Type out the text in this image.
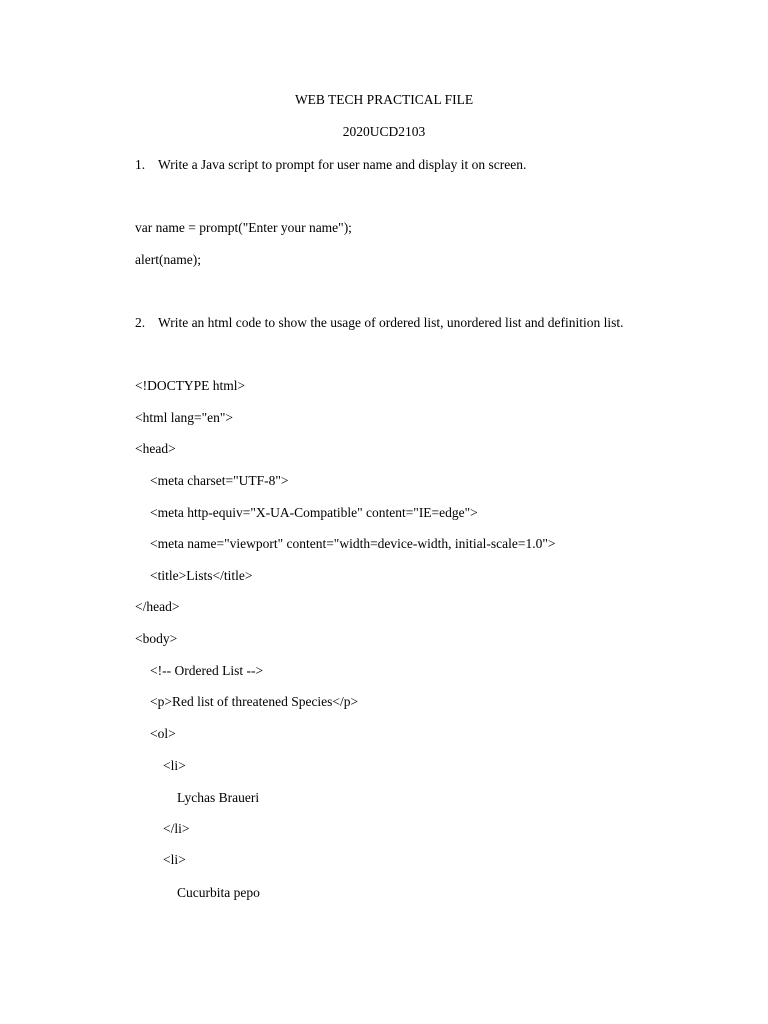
WEB TECH PRACTICAL FILE
2020UCD2103
1. Write a Java script to prompt for user name and display it on screen.
var name = prompt("Enter your name");
alert(name);
2. Write an html code to show the usage of ordered list, unordered list and definition list.
<!DOCTYPE html>
<html lang="en">
<head>
<meta charset="UTF-8">
<meta http-equiv="X-UA-Compatible" content="IE=edge">
<meta name="viewport" content="width=device-width, initial-scale=1.0">
<title>Lists</title>
</head>
<body>
<!-- Ordered List -->
<p>Red list of threatened Species</p>
<ol>
<li>
Lychas Braueri
</li>
<li>
Cucurbita pepo
